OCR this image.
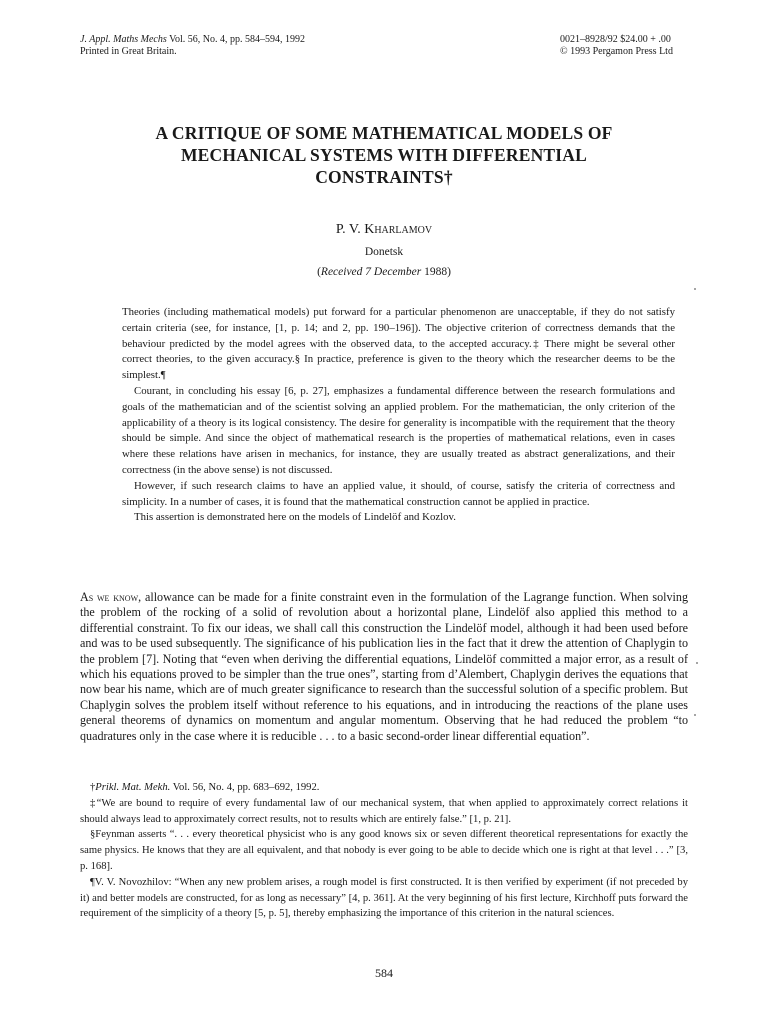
J. Appl. Maths Mechs Vol. 56, No. 4, pp. 584–594, 1992
Printed in Great Britain.
0021–8928/92 $24.00 + .00
© 1993 Pergamon Press Ltd
A CRITIQUE OF SOME MATHEMATICAL MODELS OF
MECHANICAL SYSTEMS WITH DIFFERENTIAL
CONSTRAINTS†
P. V. Kharlamov
Donetsk
(Received 7 December 1988)

Theories (including mathematical models) put forward for a particular phenomenon are unacceptable, if they do not satisfy certain criteria (see, for instance, [1, p. 14; and 2, pp. 190–196]). The objective criterion of correctness demands that the behaviour predicted by the model agrees with the observed data, to the accepted accuracy.‡ There might be several other correct theories, to the given accuracy.§ In practice, preference is given to the theory which the researcher deems to be the simplest.¶

Courant, in concluding his essay [6, p. 27], emphasizes a fundamental difference between the research formulations and goals of the mathematician and of the scientist solving an applied problem. For the mathematician, the only criterion of the applicability of a theory is its logical consistency. The desire for generality is incompatible with the requirement that the theory should be simple. And since the object of mathematical research is the properties of mathematical relations, even in cases where these relations have arisen in mechanics, for instance, they are usually treated as abstract generalizations, and their correctness (in the above sense) is not discussed.

However, if such research claims to have an applied value, it should, of course, satisfy the criteria of correctness and simplicity. In a number of cases, it is found that the mathematical construction cannot be applied in practice.

This assertion is demonstrated here on the models of Lindelöf and Kozlov.

As we know, allowance can be made for a finite constraint even in the formulation of the Lagrange function. When solving the problem of the rocking of a solid of revolution about a horizontal plane, Lindelöf also applied this method to a differential constraint. To fix our ideas, we shall call this construction the Lindelöf model, although it had been used before and was to be used subsequently. The significance of his publication lies in the fact that it drew the attention of Chaplygin to the problem [7]. Noting that “even when deriving the differential equations, Lindelöf committed a major error, as a result of which his equations proved to be simpler than the true ones”, starting from d’Alembert, Chaplygin derives the equations that now bear his name, which are of much greater significance to research than the successful solution of a specific problem. But Chaplygin solves the problem itself without reference to his equations, and in introducing the reactions of the plane uses general theorems of dynamics on momentum and angular momentum. Observing that he had reduced the problem “to quadratures only in the case where it is reducible . . . to a basic second-order linear differential equation”.

†Prikl. Mat. Mekh. Vol. 56, No. 4, pp. 683–692, 1992.

‡“We are bound to require of every fundamental law of our mechanical system, that when applied to approximately correct relations it should always lead to approximately correct results, not to results which are entirely false.” [1, p. 21].

§Feynman asserts “. . . every theoretical physicist who is any good knows six or seven different theoretical representations for exactly the same physics. He knows that they are all equivalent, and that nobody is ever going to be able to decide which one is right at that level . . .” [3, p. 168].

¶V. V. Novozhilov: “When any new problem arises, a rough model is first constructed. It is then verified by experiment (if not preceded by it) and better models are constructed, for as long as necessary” [4, p. 361]. At the very beginning of his first lecture, Kirchhoff puts forward the requirement of the simplicity of a theory [5, p. 5], thereby emphasizing the importance of this criterion in the natural sciences.

584
